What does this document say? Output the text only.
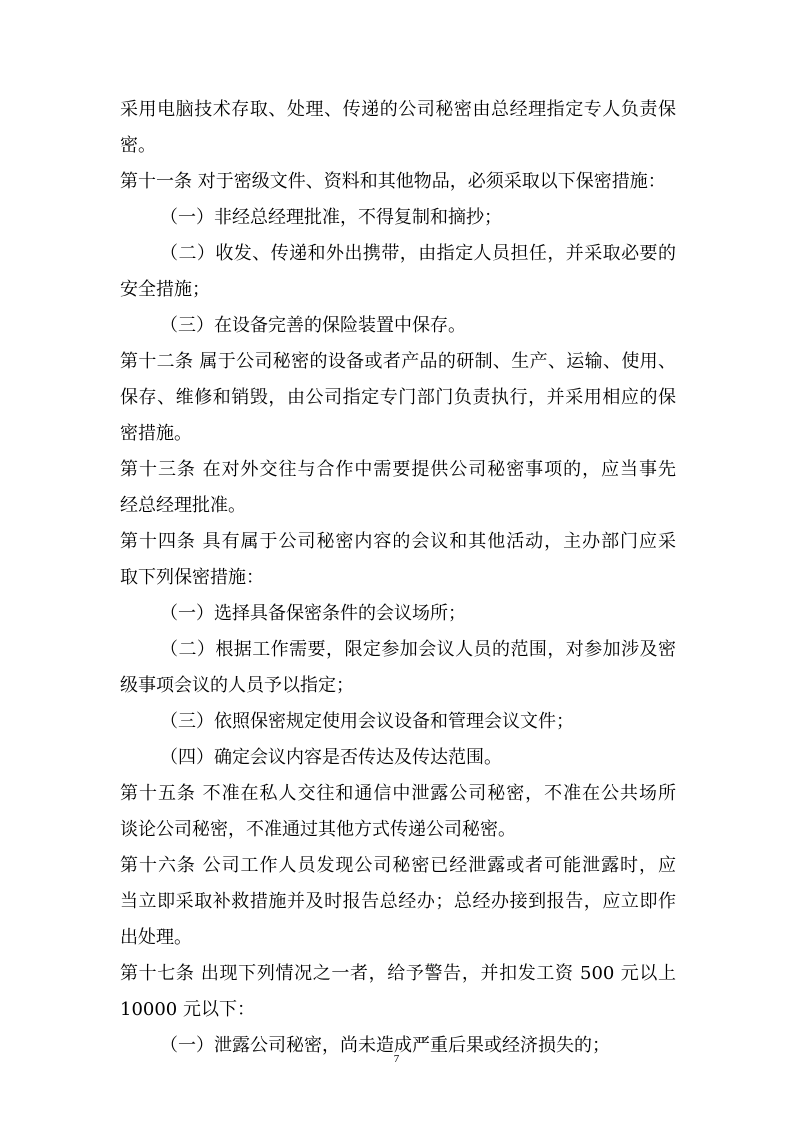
采用电脑技术存取、处理、传递的公司秘密由总经理指定专人负责保
密。
第十一条 对于密级文件、资料和其他物品，必须采取以下保密措施：
（一）非经总经理批准，不得复制和摘抄；
（二）收发、传递和外出携带，由指定人员担任，并采取必要的
安全措施；
（三）在设备完善的保险装置中保存。
第十二条 属于公司秘密的设备或者产品的研制、生产、运输、使用、
保存、维修和销毁，由公司指定专门部门负责执行，并采用相应的保
密措施。
第十三条 在对外交往与合作中需要提供公司秘密事项的，应当事先
经总经理批准。
第十四条 具有属于公司秘密内容的会议和其他活动，主办部门应采
取下列保密措施：
（一）选择具备保密条件的会议场所；
（二）根据工作需要，限定参加会议人员的范围，对参加涉及密
级事项会议的人员予以指定；
（三）依照保密规定使用会议设备和管理会议文件；
（四）确定会议内容是否传达及传达范围。
第十五条 不准在私人交往和通信中泄露公司秘密，不准在公共场所
谈论公司秘密，不准通过其他方式传递公司秘密。
第十六条 公司工作人员发现公司秘密已经泄露或者可能泄露时，应
当立即采取补救措施并及时报告总经办；总经办接到报告，应立即作
出处理。
第十七条 出现下列情况之一者，给予警告，并扣发工资 500 元以上
10000 元以下：
（一）泄露公司秘密，尚未造成严重后果或经济损失的；
7
